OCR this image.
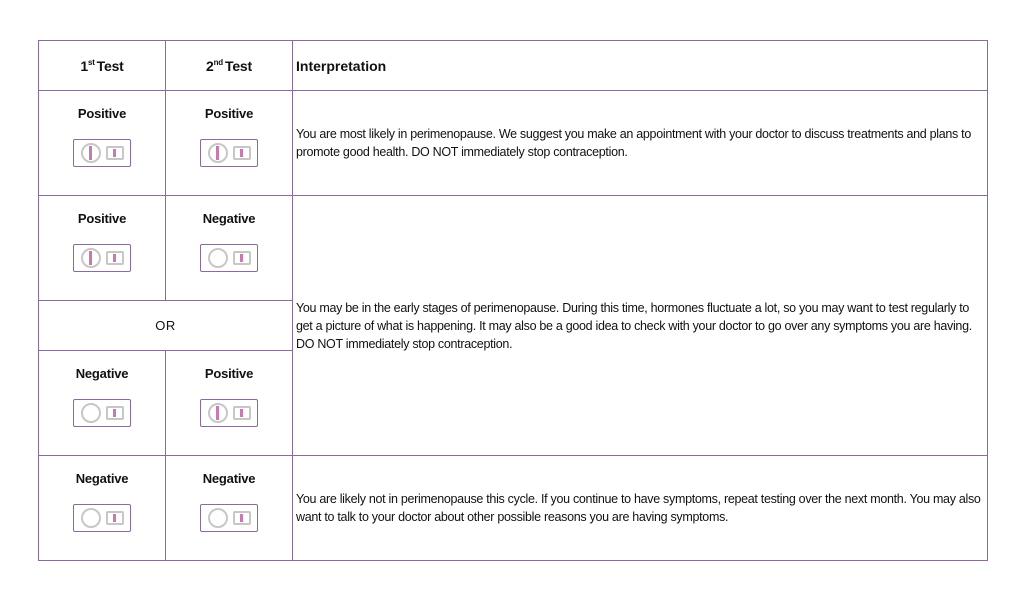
1st Test	2nd Test	Interpretation

Positive	Positive	You are most likely in perimenopause. We suggest you make an appointment with your doctor to discuss treatments and plans to promote good health. DO NOT immediately stop contraception.

Positive	Negative	You may be in the early stages of perimenopause. During this time, hormones fluctuate a lot, so you may want to test regularly to get a picture of what is happening. It may also be a good idea to check with your doctor to go over any symptoms you are having. DO NOT immediately stop contraception.
OR		

Negative	Positive	

Negative	Negative	You are likely not in perimenopause this cycle. If you continue to have symptoms, repeat testing over the next month. You may also want to talk to your doctor about other possible reasons you are having symptoms.
